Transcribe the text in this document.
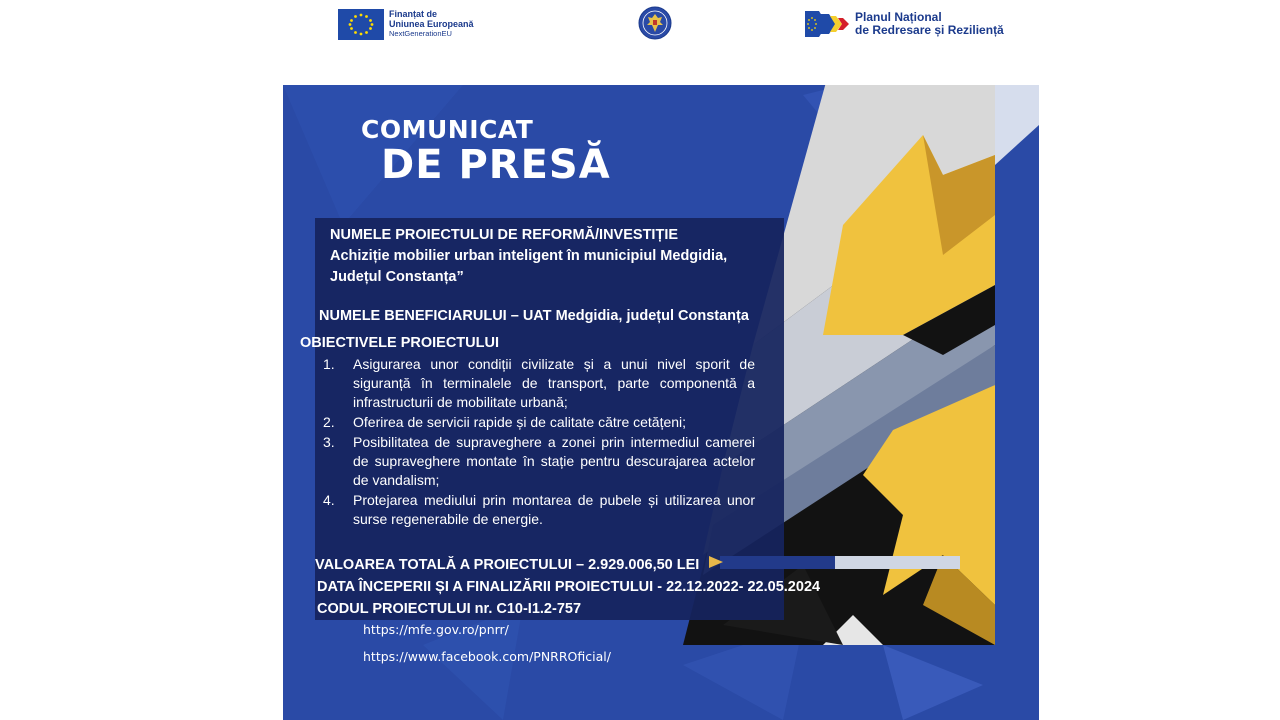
Finanțat de
Uniunea Europeană
NextGenerationEU
Planul Național
de Redresare și Reziliență
COMUNICAT
DE PRESĂ
NUMELE PROIECTULUI DE REFORMĂ/INVESTIȚIE
Achiziție mobilier urban inteligent în municipiul Medgidia, Județul Constanța”
NUMELE BENEFICIARULUI – UAT Medgidia, județul Constanța
OBIECTIVELE PROIECTULUI
1. Asigurarea unor condiții civilizate și a unui nivel sporit de siguranță în terminalele de transport, parte componentă a infrastructurii de mobilitate urbană;
2. Oferirea de servicii rapide și de calitate către cetățeni;
3. Posibilitatea de supraveghere a zonei prin intermediul camerei de supraveghere montate în stație pentru descurajarea actelor de vandalism;
4. Protejarea mediului prin montarea de pubele și utilizarea unor surse regenerabile de energie.
VALOAREA TOTALĂ A PROIECTULUI – 2.929.006,50 LEI
DATA ÎNCEPERII ȘI A FINALIZĂRII PROIECTULUI - 22.12.2022- 22.05.2024
CODUL PROIECTULUI nr. C10-I1.2-757
https://mfe.gov.ro/pnrr/
https://www.facebook.com/PNRROficial/
